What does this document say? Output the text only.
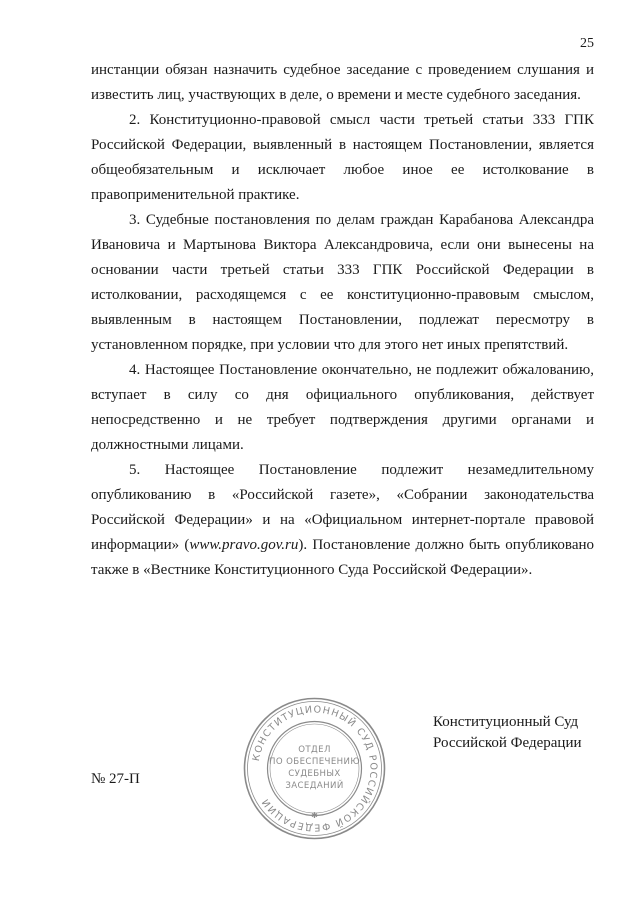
25

инстанции обязан назначить судебное заседание с проведением слушания и известить лиц, участвующих в деле, о времени и месте судебного заседания.

2. Конституционно-правовой смысл части третьей статьи 333 ГПК Российской Федерации, выявленный в настоящем Постановлении, является общеобязательным и исключает любое иное ее истолкование в правоприменительной практике.

3. Судебные постановления по делам граждан Карабанова Александра Ивановича и Мартынова Виктора Александровича, если они вынесены на основании части третьей статьи 333 ГПК Российской Федерации в истолковании, расходящемся с ее конституционно-правовым смыслом, выявленным в настоящем Постановлении, подлежат пересмотру в установленном порядке, при условии что для этого нет иных препятствий.

4. Настоящее Постановление окончательно, не подлежит обжалованию, вступает в силу со дня официального опубликования, действует непосредственно и не требует подтверждения другими органами и должностными лицами.

5. Настоящее Постановление подлежит незамедлительному опубликованию в «Российской газете», «Собрании законодательства Российской Федерации» и на «Официальном интернет-портале правовой информации» (www.pravo.gov.ru). Постановление должно быть опубликовано также в «Вестнике Конституционного Суда Российской Федерации».

КОНСТИТУЦИОННЫЙ СУД РОССИЙСКОЙ ФЕДЕРАЦИИ
✱
ОТДЕЛ
ПО ОБЕСПЕЧЕНИЮ
СУДЕБНЫХ
ЗАСЕДАНИЙ
Конституционный Суд
Российской Федерации
№ 27-П
